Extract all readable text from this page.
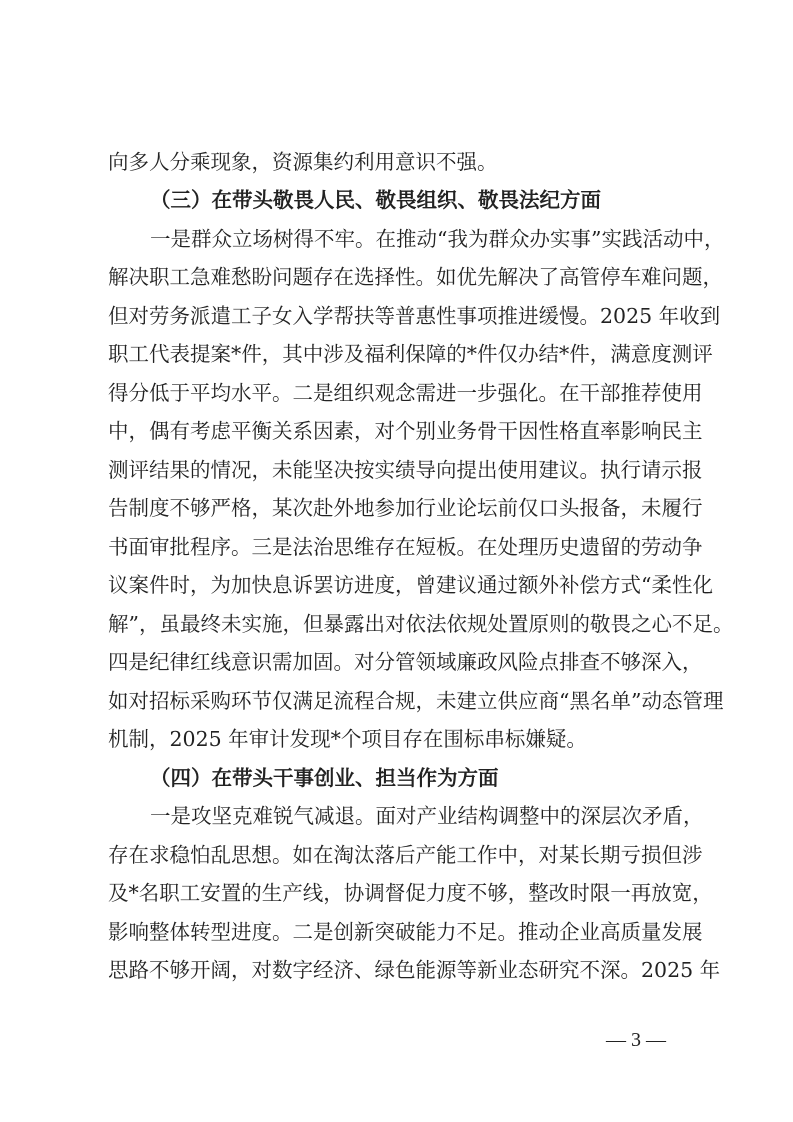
向多人分乘现象，资源集约利用意识不强。
（三）在带头敬畏人民、敬畏组织、敬畏法纪方面
一是群众立场树得不牢。在推动“我为群众办实事”实践活动中，
解决职工急难愁盼问题存在选择性。如优先解决了高管停车难问题，
但对劳务派遣工子女入学帮扶等普惠性事项推进缓慢。2025 年收到
职工代表提案*件，其中涉及福利保障的*件仅办结*件，满意度测评
得分低于平均水平。二是组织观念需进一步强化。在干部推荐使用
中，偶有考虑平衡关系因素，对个别业务骨干因性格直率影响民主
测评结果的情况，未能坚决按实绩导向提出使用建议。执行请示报
告制度不够严格，某次赴外地参加行业论坛前仅口头报备，未履行
书面审批程序。三是法治思维存在短板。在处理历史遗留的劳动争
议案件时，为加快息诉罢访进度，曾建议通过额外补偿方式“柔性化
解”，虽最终未实施，但暴露出对依法依规处置原则的敬畏之心不足。
四是纪律红线意识需加固。对分管领域廉政风险点排查不够深入，
如对招标采购环节仅满足流程合规，未建立供应商“黑名单”动态管理
机制，2025 年审计发现*个项目存在围标串标嫌疑。
（四）在带头干事创业、担当作为方面
一是攻坚克难锐气减退。面对产业结构调整中的深层次矛盾，
存在求稳怕乱思想。如在淘汰落后产能工作中，对某长期亏损但涉
及*名职工安置的生产线，协调督促力度不够，整改时限一再放宽，
影响整体转型进度。二是创新突破能力不足。推动企业高质量发展
思路不够开阔，对数字经济、绿色能源等新业态研究不深。2025 年
— 3 —
